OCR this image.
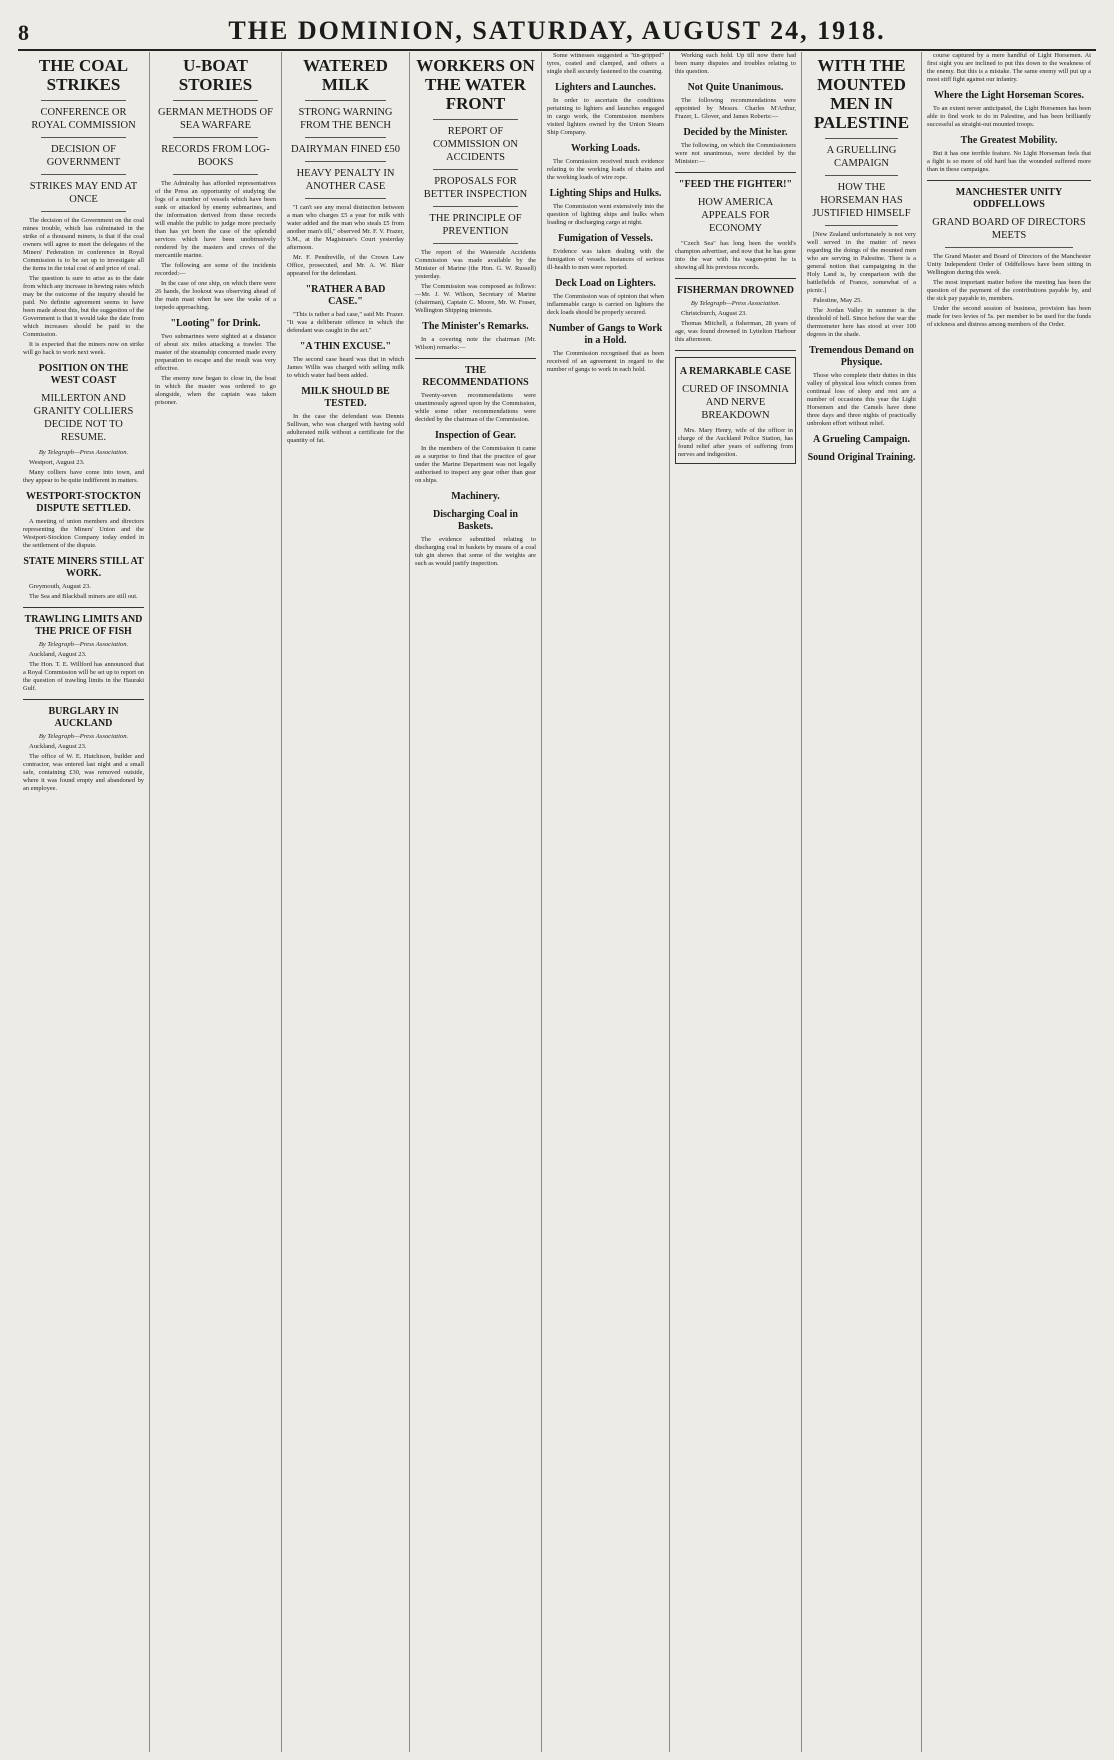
8	THE DOMINION, SATURDAY, AUGUST 24, 1918.
THE COAL STRIKES
CONFERENCE OR ROYAL COMMISSION
DECISION OF GOVERNMENT
STRIKES MAY END AT ONCE

The decision of the Government on the coal mines trouble, which has culminated in the strike of a thousand miners, is that if the coal owners will agree to meet the delegates of the Miners' Federation in conference in Royal Commission is to be set up to investigate all the items in the total cost of and price of coal.

The question is sure to arise as to the date from which any increase in hewing rates which may be the outcome of the inquiry should be paid. No definite agreement seems to have been made about this, but the suggestion of the Government is that it would take the date from which increases should be paid to the Commission.

It is expected that the miners now on strike will go back to work next week.

POSITION ON THE WEST COAST
MILLERTON AND GRANITY COLLIERS DECIDE NOT TO RESUME.
By Telegraph—Press Association.
Westport, August 23.

Many colliers have come into town, and they appear to be quite indifferent in matters.

WESTPORT-STOCKTON DISPUTE SETTLED.

A meeting of union members and directors representing the Miners' Union and the Westport-Stockton Company today ended in the settlement of the dispute.

STATE MINERS STILL AT WORK.
Greymouth, August 23.

The Sea and Blackball miners are still out.

TRAWLING LIMITS AND THE PRICE OF FISH
By Telegraph—Press Association.
Auckland, August 23.

The Hon. T. E. Willford has announced that a Royal Commission will be set up to report on the question of trawling limits in the Hauraki Gulf.

BURGLARY IN AUCKLAND
By Telegraph—Press Association.
Auckland, August 23.

The office of W. E. Hutchison, builder and contractor, was entered last night and a small safe, containing £30, was removed outside, where it was found empty and abandoned by an employee.

U-BOAT STORIES
GERMAN METHODS OF SEA WARFARE
RECORDS FROM LOG-BOOKS

The Admiralty has afforded representatives of the Press an opportunity of studying the logs of a number of vessels which have been sunk or attacked by enemy submarines, and the information derived from these records will enable the public to judge more precisely than has yet been the case of the splendid services which have been unobtrusively rendered by the masters and crews of the mercantile marine.

The following are some of the incidents recorded:—

In the case of one ship, on which there were 26 hands, the lookout was observing ahead of the main mast when he saw the wake of a torpedo approaching.

"Looting" for Drink.

Two submarines were sighted at a distance of about six miles attacking a trawler. The master of the steamship concerned made every preparation to escape and the result was very effective.

The enemy now began to close in, the boat in which the master was ordered to go alongside, when the captain was taken prisoner.

WATERED MILK
STRONG WARNING FROM THE BENCH
DAIRYMAN FINED £50
HEAVY PENALTY IN ANOTHER CASE

"I can't see any moral distinction between a man who charges £5 a year for milk with water added and the man who steals £5 from another man's till," observed Mr. F. V. Frazer, S.M., at the Magistrate's Court yesterday afternoon.

Mr. F. Pendreville, of the Crown Law Office, prosecuted, and Mr. A. W. Blair appeared for the defendant.

"RATHER A BAD CASE."

"This is rather a bad case," said Mr. Frazer. "It was a deliberate offence in which the defendant was caught in the act."

"A THIN EXCUSE."

The second case heard was that in which James Willis was charged with selling milk to which water had been added.

MILK SHOULD BE TESTED.

In the case the defendant was Dennis Sullivan, who was charged with having sold adulterated milk without a certificate for the quantity of fat.

WORKERS ON THE WATER FRONT
REPORT OF COMMISSION ON ACCIDENTS
PROPOSALS FOR BETTER INSPECTION
THE PRINCIPLE OF PREVENTION

The report of the Waterside Accidents Commission was made available by the Minister of Marine (the Hon. G. W. Russell) yesterday.

The Commission was composed as follows:—Mr. J. W. Wilson, Secretary of Marine (chairman), Captain C. Moore, Mr. W. Fraser, Wellington Shipping interests.

The Minister's Remarks.

In a covering note the chairman (Mr. Wilson) remarks:—

THE RECOMMENDATIONS

Twenty-seven recommendations were unanimously agreed upon by the Commission, while some other recommendations were decided by the chairman of the Commission.

Inspection of Gear.

In the members of the Commission it came as a surprise to find that the practice of gear under the Marine Department was not legally authorised to inspect any gear other than gear on ships.

Machinery.
Discharging Coal in Baskets.

The evidence submitted relating to discharging coal in baskets by means of a coal tub gin shows that some of the weights are such as would justify inspection.

Some witnesses suggested a "tin-gripped" tyres, coated and clamped, and others a single shell securely fastened to the coaming.

Lighters and Launches.

In order to ascertain the conditions pertaining to lighters and launches engaged in cargo work, the Commission members visited lighters owned by the Union Steam Ship Company.

Working Loads.

The Commission received much evidence relating to the working loads of chains and the working loads of wire rope.

Lighting Ships and Hulks.

The Commission went extensively into the question of lighting ships and hulks when loading or discharging cargo at night.

Fumigation of Vessels.

Evidence was taken dealing with the fumigation of vessels. Instances of serious ill-health to men were reported.

Deck Load on Lighters.

The Commission was of opinion that when inflammable cargo is carried on lighters the deck loads should be properly secured.

Number of Gangs to Work in a Hold.

The Commission recognised that as been received of an agreement in regard to the number of gangs to work in each hold.

Working each hold. Up till now there had been many disputes and troubles relating to this question.

Not Quite Unanimous.

The following recommendations were appointed by Messrs. Charles M'Arthur, Frazer, L. Glover, and James Roberts:—

Decided by the Minister.

The following, on which the Commissioners were not unanimous, were decided by the Minister:—

"FEED THE FIGHTER!"
HOW AMERICA APPEALS FOR ECONOMY

"Czech Sea" has long been the world's champion advertiser, and now that he has gone into the war with his wagon-print he is showing all his previous records.

FISHERMAN DROWNED
By Telegraph—Press Association.
Christchurch, August 23.

Thomas Mitchell, a fisherman, 28 years of age, was found drowned in Lyttelton Harbour this afternoon.

A REMARKABLE CASE
CURED OF INSOMNIA AND NERVE BREAKDOWN

Mrs. Mary Henry, wife of the officer in charge of the Auckland Police Station, has found relief after years of suffering from nerves and indigestion.

WITH THE MOUNTED MEN IN PALESTINE
A GRUELLING CAMPAIGN
HOW THE HORSEMAN HAS JUSTIFIED HIMSELF

[New Zealand unfortunately is not very well served in the matter of news regarding the doings of the mounted men who are serving in Palestine. There is a general notion that campaigning in the Holy Land is, by comparison with the battlefields of France, somewhat of a picnic.]

Palestine, May 25.

The Jordan Valley in summer is the threshold of hell. Since before the war the thermometer here has stood at over 100 degrees in the shade.

Tremendous Demand on Physique.

Those who complete their duties in this valley of physical loss which comes from continual loss of sleep and rest are a number of occasions this year the Light Horsemen and the Camels have done three days and three nights of practically unbroken effort without relief.

A Grueling Campaign.
Sound Original Training.

course captured by a mere handful of Light Horsemen. At first sight you are inclined to put this down to the weakness of the enemy. But this is a mistake. The same enemy will put up a most stiff fight against our infantry.

Where the Light Horseman Scores.

To an extent never anticipated, the Light Horsemen has been able to find work to do in Palestine, and has been brilliantly successful as straight-out mounted troops.

The Greatest Mobility.

But it has one terrible feature. No Light Horseman feels that a fight is so more of old hard has the wounded suffered more than in these campaigns.

MANCHESTER UNITY ODDFELLOWS
GRAND BOARD OF DIRECTORS MEETS

The Grand Master and Board of Directors of the Manchester Unity Independent Order of Oddfellows have been sitting in Wellington during this week.

The most important matter before the meeting has been the question of the payment of the contributions payable by, and the sick pay payable to, members.

Under the second session of business, provision has been made for two levies of 5s. per member to be used for the funds of sickness and distress among members of the Order.
